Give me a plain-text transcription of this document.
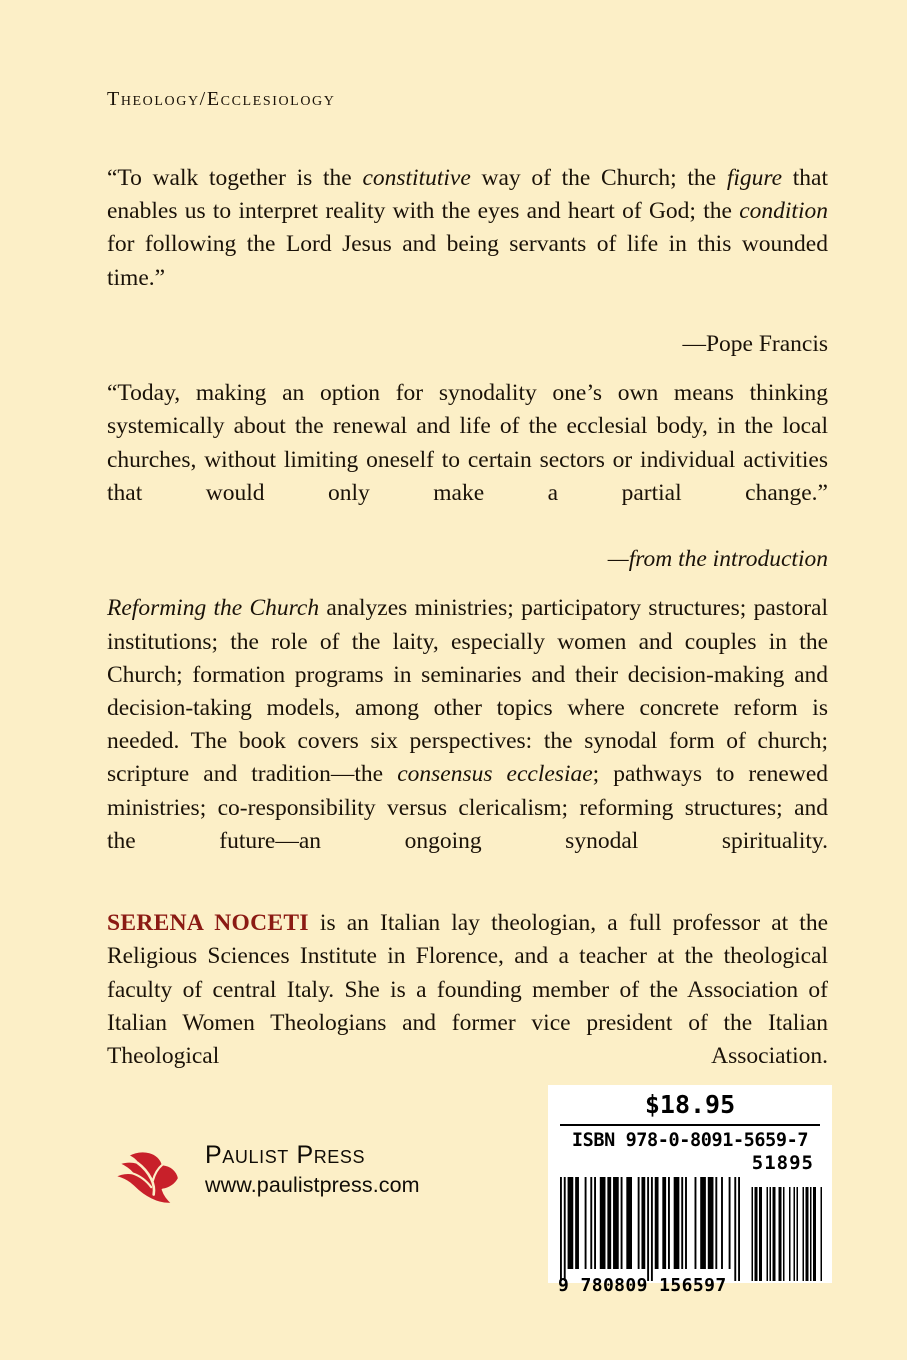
Theology/Ecclesiology

“To walk together is the constitutive way of the Church; the figure that enables us to interpret reality with the eyes and heart of God; the condition for following the Lord Jesus and being servants of life in this wounded time.”

—Pope Francis

“Today, making an option for synodality one’s own means thinking systemically about the renewal and life of the ecclesial body, in the local churches, without limiting oneself to certain sectors or individual activities that would only make a partial change.”

—from the introduction

Reforming the Church analyzes ministries; participatory structures; pastoral institutions; the role of the laity, especially women and couples in the Church; formation programs in seminaries and their decision-making and decision-taking models, among other topics where concrete reform is needed. The book covers six perspectives: the synodal form of church; scripture and tradition—the consensus ecclesiae; pathways to renewed ministries; co-responsibility versus clericalism; reforming structures; and the future—an ongoing synodal spirituality.

SERENA NOCETI is an Italian lay theologian, a full professor at the Religious Sciences Institute in Florence, and a teacher at the theological faculty of central Italy. She is a founding member of the Association of Italian Women Theologians and former vice president of the Italian Theological Association.

Paulist Press
www.paulistpress.com
$18.95
ISBN 978-0-8091-5659-7
51895
9 780809 156597
